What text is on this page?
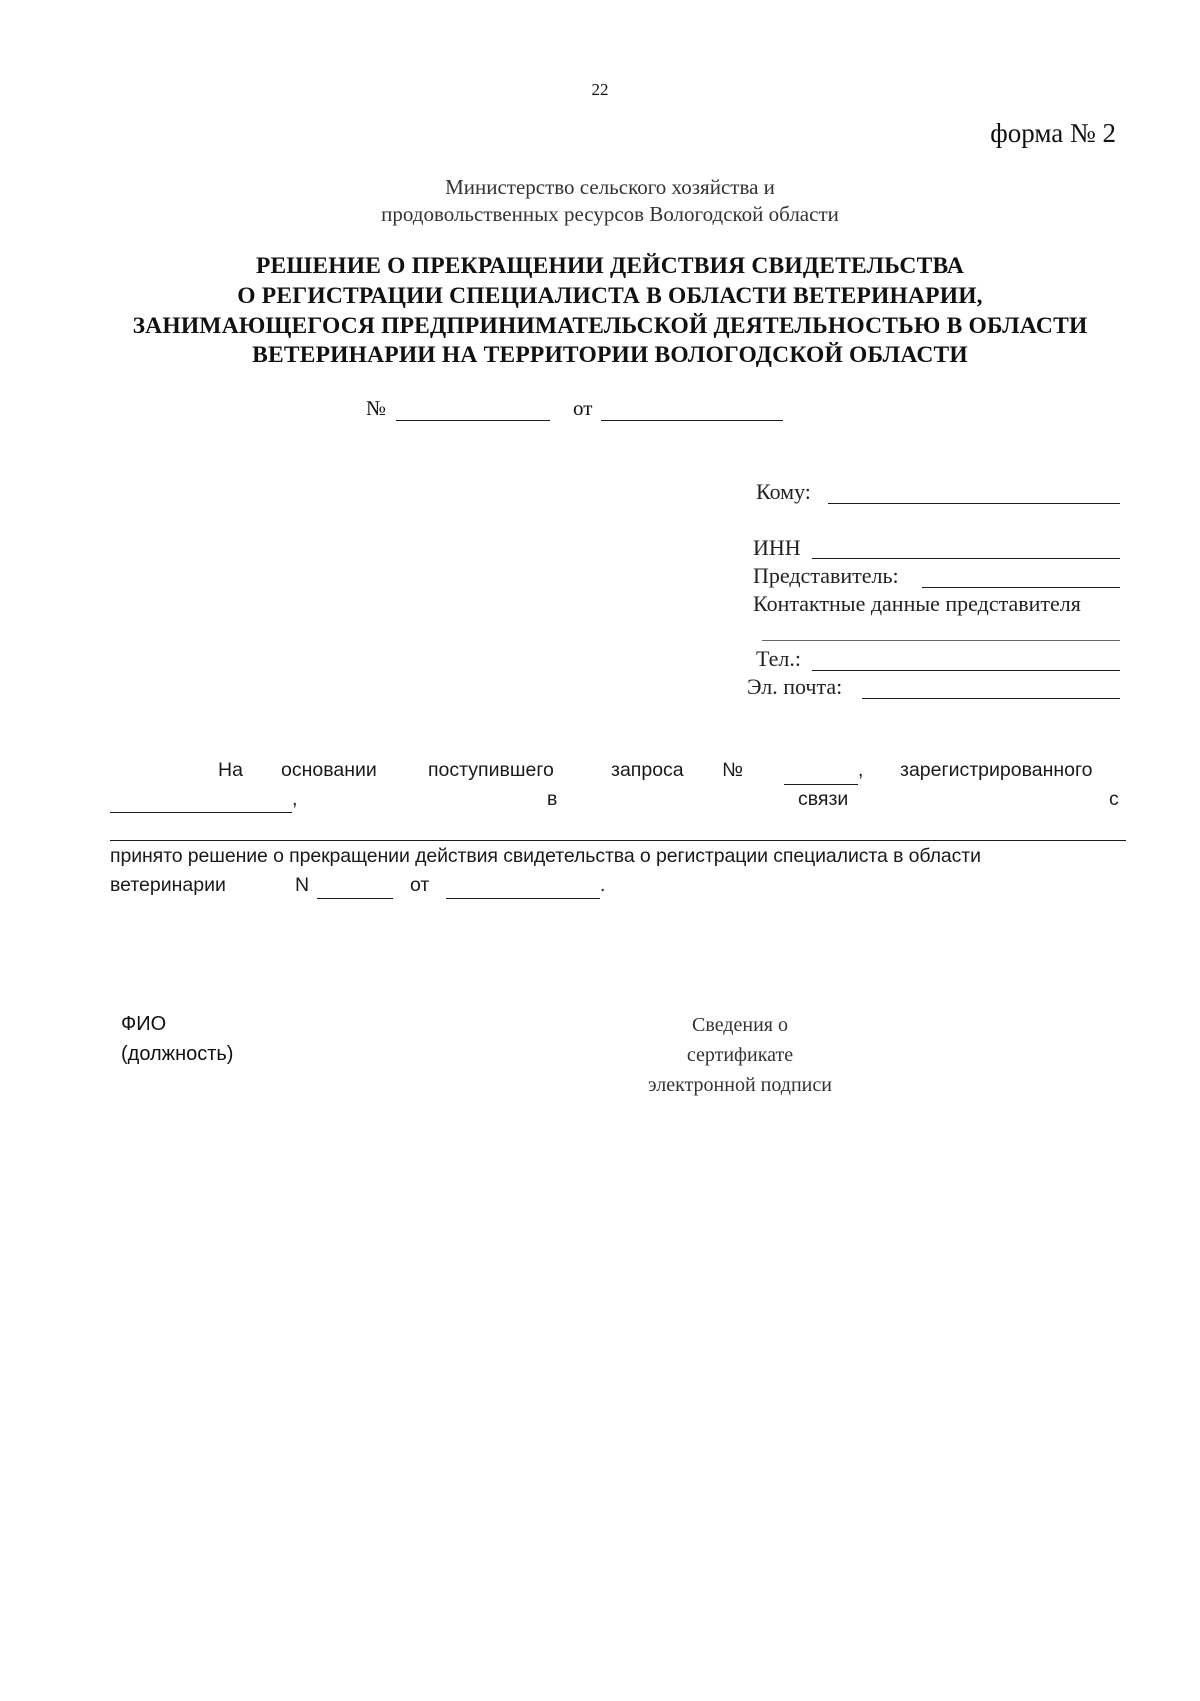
22
форма № 2
Министерство сельского хозяйства и
продовольственных ресурсов Вологодской области
РЕШЕНИЕ О ПРЕКРАЩЕНИИ ДЕЙСТВИЯ СВИДЕТЕЛЬСТВА
О РЕГИСТРАЦИИ СПЕЦИАЛИСТА В ОБЛАСТИ ВЕТЕРИНАРИИ,
ЗАНИМАЮЩЕГОСЯ ПРЕДПРИНИМАТЕЛЬСКОЙ ДЕЯТЕЛЬНОСТЬЮ В ОБЛАСТИ
ВЕТЕРИНАРИИ НА ТЕРРИТОРИИ ВОЛОГОДСКОЙ ОБЛАСТИ
№	от
Кому:
ИНН
Представитель:
Контактные данные представителя
Тел.:
Эл. почта:
На основании	поступившего	запроса №	, зарегистрированного
,	в	связи	с
принято решение о прекращении действия свидетельства о регистрации специалиста в области
ветеринарии	N	от	.
ФИО
(должность)
Сведения о
сертификате
электронной подписи
